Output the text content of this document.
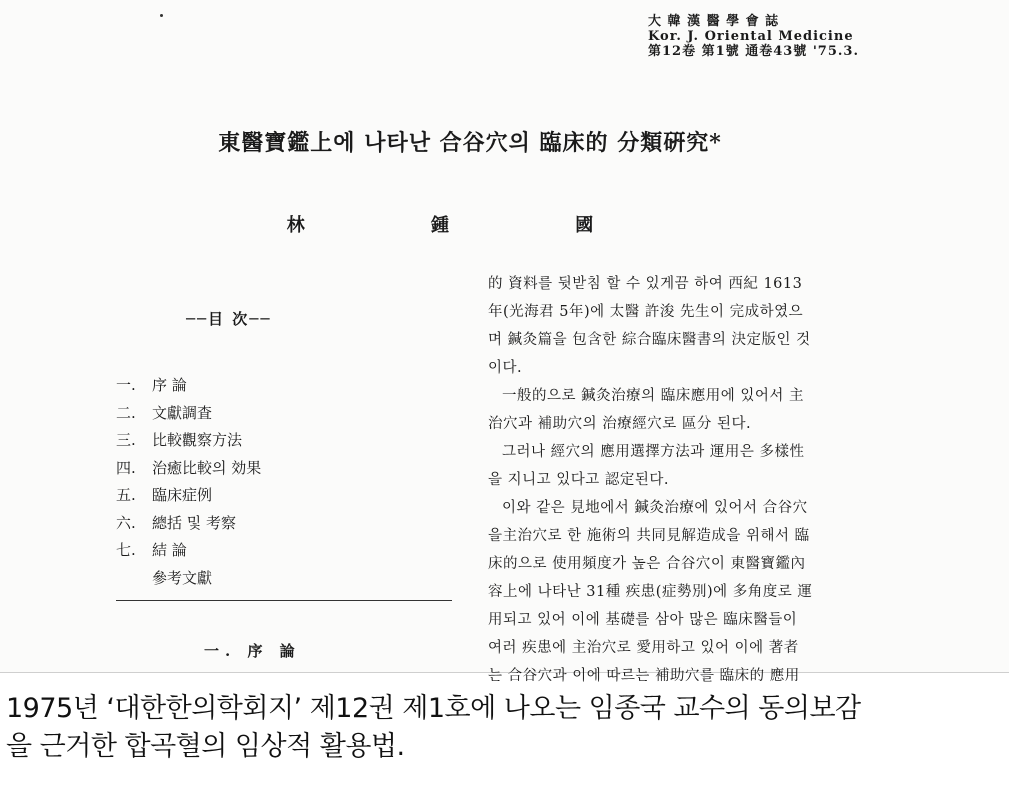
大 韓 漢 醫 學 會 誌
Kor. J. Oriental Medicine
第12卷 第1號 通卷43號 '75.3.
東醫寶鑑上에 나타난 合谷穴의 臨床的 分類硏究*
林 鍾 國
──目 次──
一. 序 論
二. 文獻調査
三. 比較觀察方法
四. 治癒比較의 効果
五. 臨床症例
六. 總括 및 考察
七. 結 論
參考文獻
一. 序 論

的 資料를 뒷받침 할 수 있게끔 하여 西紀 1613

年(光海君 5年)에 太醫 許浚 先生이 完成하였으

며 鍼灸篇을 包含한 綜合臨床醫書의 決定版인 것

이다.

一般的으로 鍼灸治療의 臨床應用에 있어서 主

治穴과 補助穴의 治療經穴로 區分 된다.

그러나 經穴의 應用選擇方法과 運用은 多樣性

을 지니고 있다고 認定된다.

이와 같은 見地에서 鍼灸治療에 있어서 合谷穴

을主治穴로 한 施術의 共同見解造成을 위해서 臨

床的으로 使用頻度가 높은 合谷穴이 東醫寶鑑內

容上에 나타난 31種 疾患(症勢別)에 多角度로 運

用되고 있어 이에 基礎를 삼아 많은 臨床醫들이

여러 疾患에 主治穴로 愛用하고 있어 이에 著者

는 合谷穴과 이에 따르는 補助穴를 臨床的 應用

1975년 ‘대한한의학회지’ 제12권 제1호에 나오는 임종국 교수의 동의보감

을 근거한 합곡혈의 임상적 활용법.
